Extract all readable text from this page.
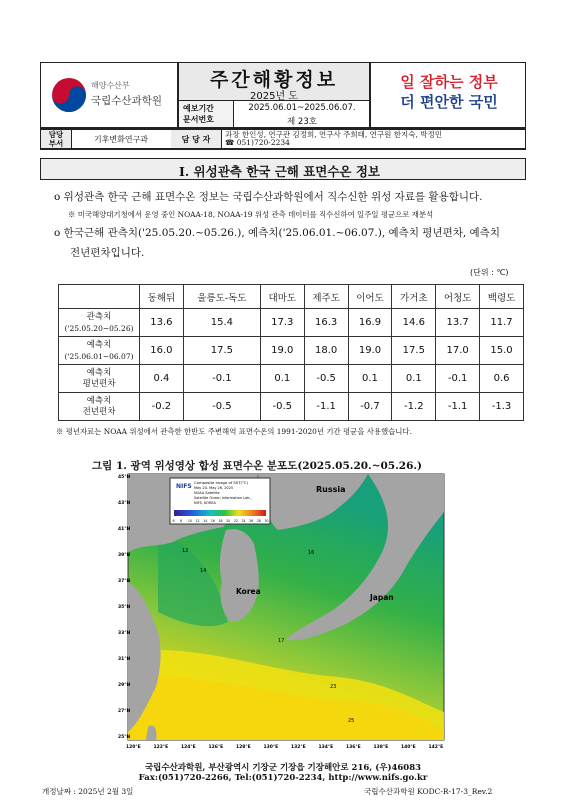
해양수산부
국립수산과학원
주간해황정보
2025년 도
예보기간
문서번호
2025.06.01~2025.06.07.
제 23호
일 잘하는 정부
더 편안한 국민
담당
부서	기후변화연구과	담 당 자
과장 한인성, 연구관 김정희, 연구사 주희태, 연구원 한지숙, 박정민
☎ 051)720-2234
Ⅰ. 위성관측 한국 근해 표면수온 정보
o 위성관측 한국 근해 표면수온 정보는 국립수산과학원에서 직수신한 위성 자료를 활용합니다.
※ 미국해양대기청에서 운영 중인 NOAA-18, NOAA-19 위성 관측 데이터를 직수신하여 일주일 평균으로 재분석
o 한국근해 관측치('25.05.20.~05.26.), 예측치('25.06.01.~06.07.), 예측치 평년편차, 예측치
전년편차입니다.
(단위 : ℃)
	동해뒤	울릉도-독도	대마도	제주도	이어도	가거초	어청도	백령도

관측치
('25.05.20~05.26)	13.6	15.4	17.3	16.3	16.9	14.6	13.7	11.7

예측치
('25.06.01~06.07)	16.0	17.5	19.0	18.0	19.0	17.5	17.0	15.0

예측치
평년편차	0.4	-0.1	0.1	-0.5	0.1	0.1	-0.1	0.6

예측치
전년편차	-0.2	-0.5	-0.5	-1.1	-0.7	-1.2	-1.1	-1.3
※ 평년자료는 NOAA 위성에서 관측한 한반도 주변해역 표면수온의 1991-2020년 기간 평균을 사용했습니다.
그림 1. 광역 위성영상 합성 표면수온 분포도(2025.05.20.~05.26.)
NIFS
Composite image of SST(°C)
May 20- May 26, 2025
NOAA Satellite
Satellite Ocean Information Lab.,
NIFS, KOREA
6 8 10 12 14 16 18 20 22 24 26 28 30
Russia
Korea
Japan
14
16
12
17
23
25
45°N
43°N
41°N
39°N
37°N
35°N
33°N
31°N
29°N
27°N
25°N
120°E	122°E	124°E	126°E	128°E	130°E	132°E	134°E	136°E	138°E	140°E	142°E
국립수산과학원, 부산광역시 기장군 기장읍 기장해안로 216, (우)46083
Fax:(051)720-2266, Tel:(051)720-2234, http://www.nifs.go.kr
개정날짜 : 2025년 2월 3일	국립수산과학원 KODC-R-17-3_Rev.2
